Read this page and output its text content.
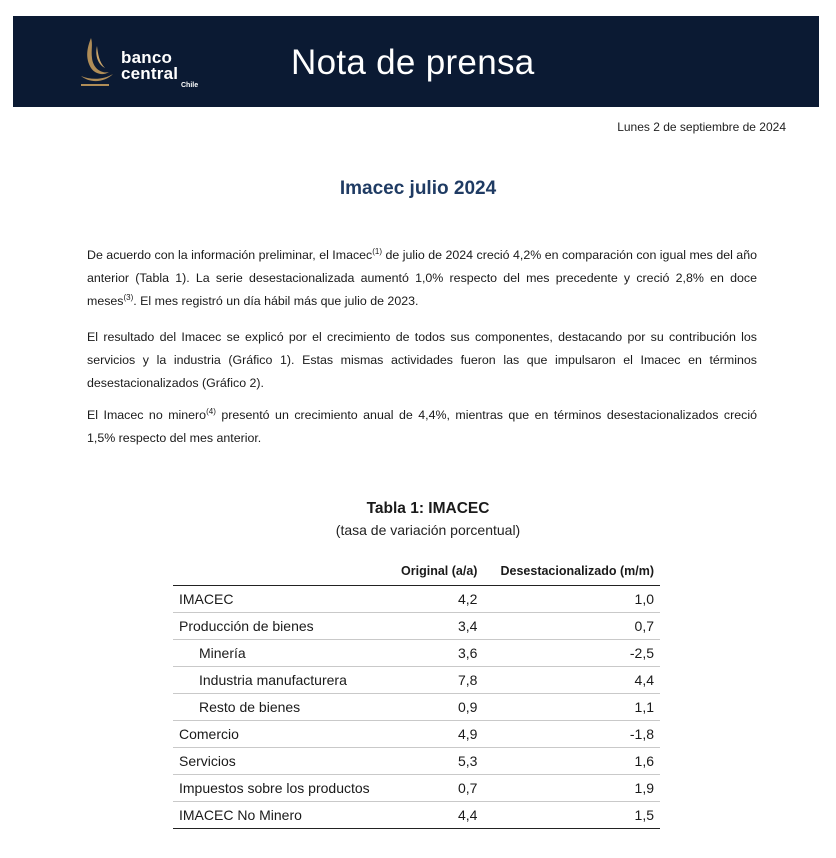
banco
central
Chile
Nota de prensa
Lunes 2 de septiembre de 2024
Imacec julio 2024

De acuerdo con la información preliminar, el Imacec$^{(1)}$ de julio de 2024 creció 4,2% en comparación con igual mes del año anterior (Tabla 1). La serie desestacionalizada aumentó 1,0% respecto del mes precedente y creció 2,8% en doce meses$^{(3)}$. El mes registró un día hábil más que julio de 2023.

El resultado del Imacec se explicó por el crecimiento de todos sus componentes, destacando por su contribución los servicios y la industria (Gráfico 1). Estas mismas actividades fueron las que impulsaron el Imacec en términos desestacionalizados (Gráfico 2).

El Imacec no minero$^{(4)}$ presentó un crecimiento anual de 4,4%, mientras que en términos desestacionalizados creció 1,5% respecto del mes anterior.

Tabla 1: IMACEC
(tasa de variación porcentual)
	Original (a/a)	Desestacionalizado (m/m)
IMACEC	4,2	1,0
Producción de bienes	3,4	0,7
Minería	3,6	-2,5
Industria manufacturera	7,8	4,4
Resto de bienes	0,9	1,1
Comercio	4,9	-1,8
Servicios	5,3	1,6
Impuestos sobre los productos	0,7	1,9
IMACEC No Minero	4,4	1,5
